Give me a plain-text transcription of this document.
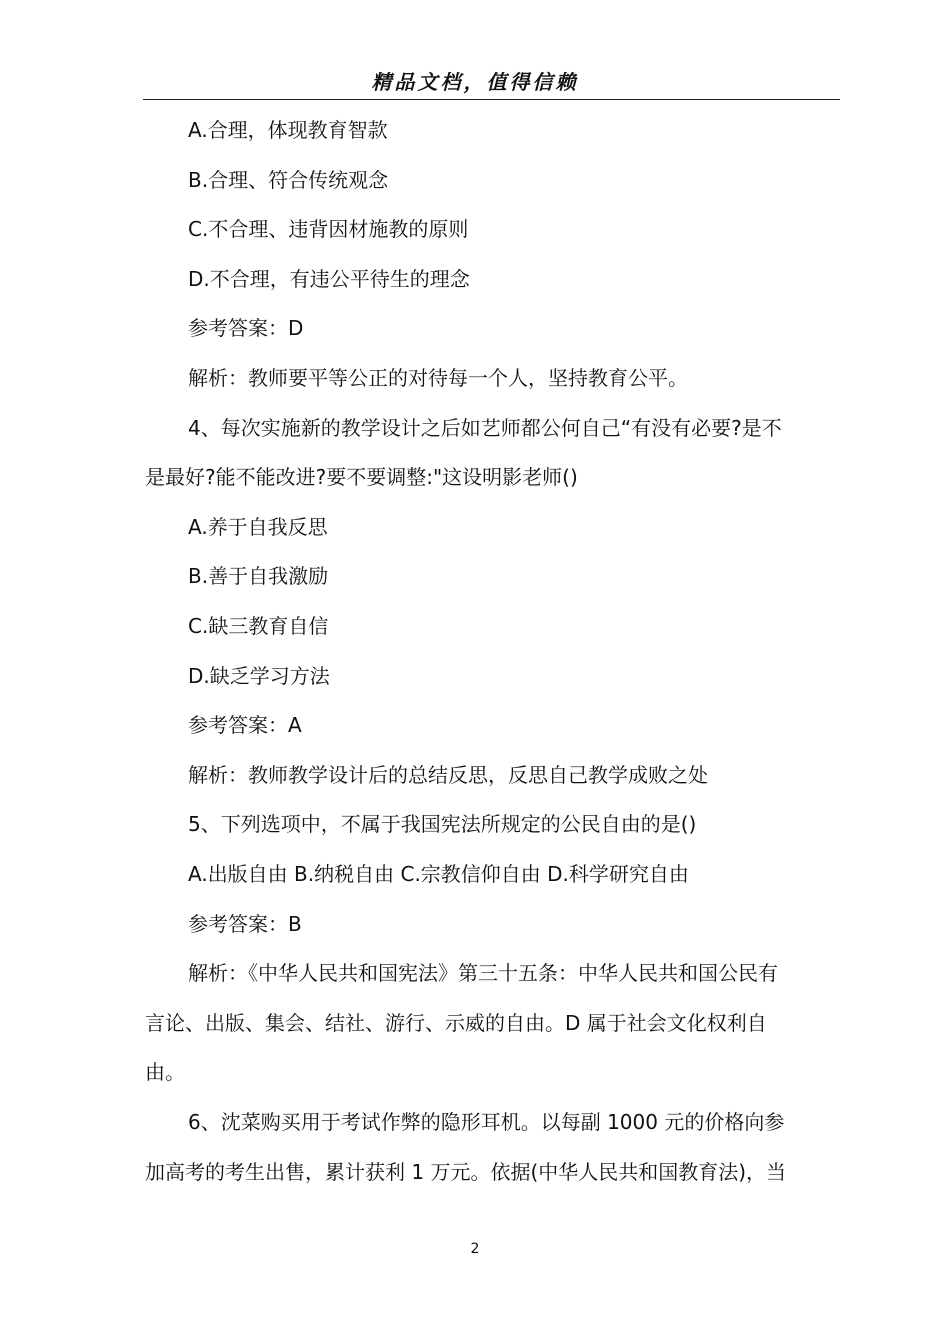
精品文档，值得信赖
A.合理，体现教育智款
B.合理、符合传统观念
C.不合理、违背因材施教的原则
D.不合理，有违公平待生的理念
参考答案：D
解析：教师要平等公正的对待每一个人，坚持教育公平。
4、每次实施新的教学设计之后如艺师都公何自己“有没有必要?是不
是最好?能不能改进?要不要调整:"这设明影老师()
A.养于自我反思
B.善于自我激励
C.缺三教育自信
D.缺乏学习方法
参考答案：A
解析：教师教学设计后的总结反思，反思自己教学成败之处
5、下列选项中，不属于我国宪法所规定的公民自由的是()
A.出版自由 B.纳税自由 C.宗教信仰自由 D.科学研究自由
参考答案：B
解析：《中华人民共和国宪法》第三十五条：中华人民共和国公民有
言论、出版、集会、结社、游行、示威的自由。D 属于社会文化权利自
由。
6、沈菜购买用于考试作弊的隐形耳机。以每副 1000 元的价格向参
加高考的考生出售，累计获利 1 万元。依据(中华人民共和国教育法)，当
2
